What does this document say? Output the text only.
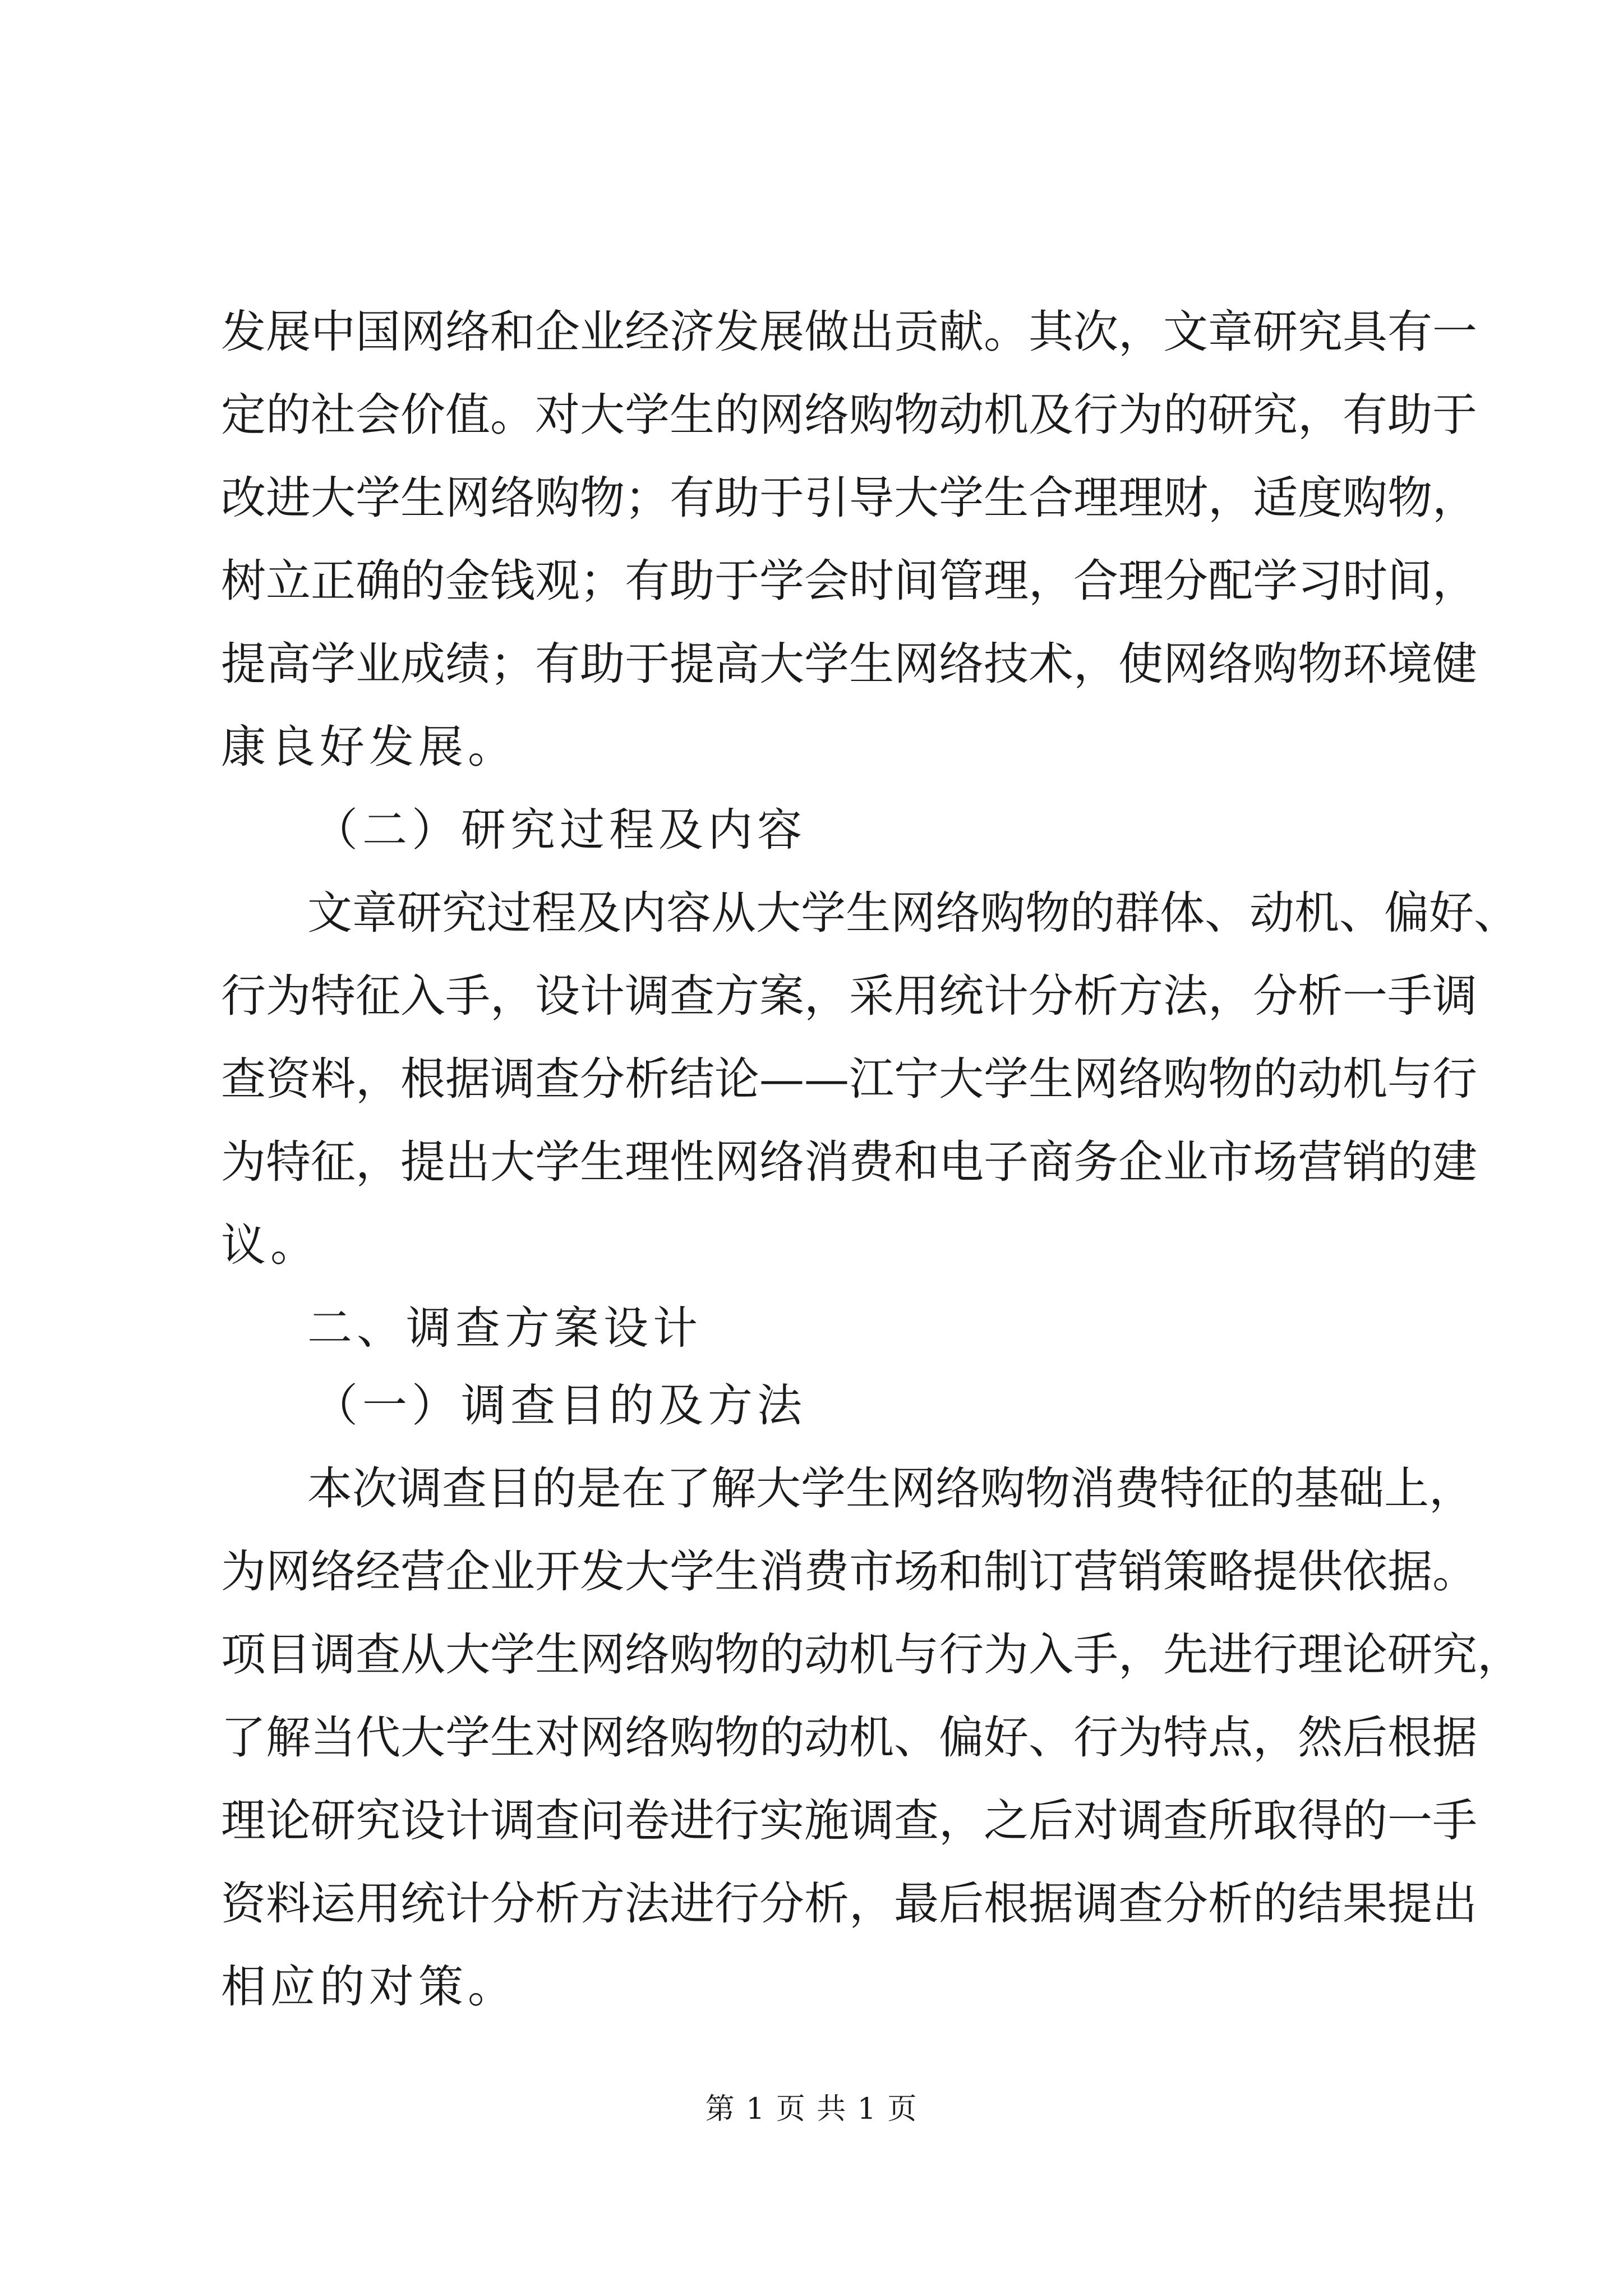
发展中国网络和企业经济发展做出贡献。其次，文章研究具有一
定的社会价值。对大学生的网络购物动机及行为的研究，有助于
改进大学生网络购物；有助于引导大学生合理理财，适度购物，
树立正确的金钱观；有助于学会时间管理，合理分配学习时间，
提高学业成绩；有助于提高大学生网络技术，使网络购物环境健
康良好发展。
（二）研究过程及内容
文章研究过程及内容从大学生网络购物的群体、动机、偏好、
行为特征入手，设计调查方案，采用统计分析方法，分析一手调
查资料，根据调查分析结论——江宁大学生网络购物的动机与行
为特征，提出大学生理性网络消费和电子商务企业市场营销的建
议。
二、调查方案设计
（一）调查目的及方法
本次调查目的是在了解大学生网络购物消费特征的基础上，
为网络经营企业开发大学生消费市场和制订营销策略提供依据。
项目调查从大学生网络购物的动机与行为入手，先进行理论研究，
了解当代大学生对网络购物的动机、偏好、行为特点，然后根据
理论研究设计调查问卷进行实施调查，之后对调查所取得的一手
资料运用统计分析方法进行分析，最后根据调查分析的结果提出
相应的对策。
第 1 页 共 1 页
